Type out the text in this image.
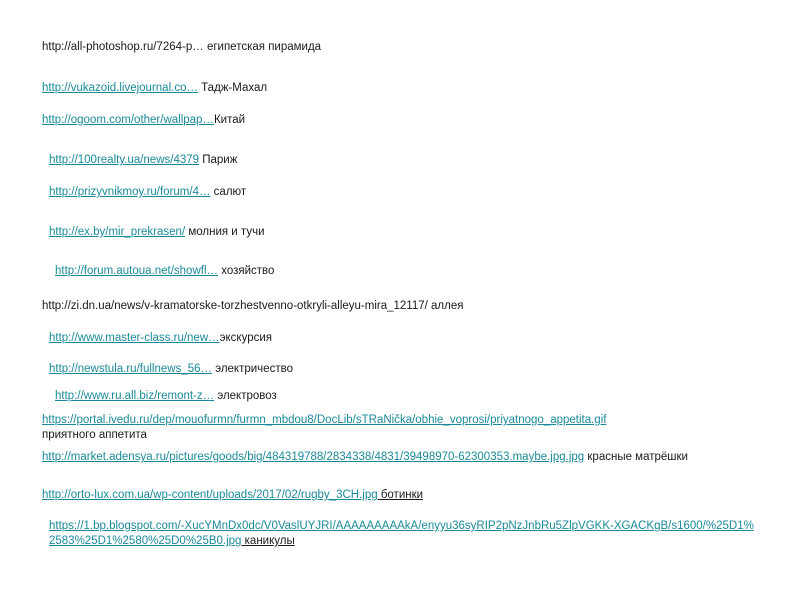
http://all-photoshop.ru/7264-p… египетская пирамида
http://vukazoid.livejournal.co… Тадж-Махал
http://ogoom.com/other/wallpap…Китай
http://100realty.ua/news/4379 Париж
http://prizyvnikmoy.ru/forum/4… салют
http://ex.by/mir_prekrasen/ молния и тучи
http://forum.autoua.net/showfl… хозяйство
http://zi.dn.ua/news/v-kramatorske-torzhestvenno-otkryli-alleyu-mira_12117/ аллея
http://www.master-class.ru/new…экскурсия
http://newstula.ru/fullnews_56… электричество
http://www.ru.all.biz/remont-z… электровоз
https://portal.ivedu.ru/dep/mouofurmn/furmn_mbdou8/DocLib/sTRaNička/obhie_voprosi/priyatnogo_appetita.gif
приятного аппетита
http://market.adensya.ru/pictures/goods/big/484319788/2834338/4831/39498970-62300353.maybe.jpg.jpg красные матрёшки
http://orto-lux.com.ua/wp-content/uploads/2017/02/rugby_3CH.jpg ботинки
https://1.bp.blogspot.com/-XucYMnDx0dc/V0VaslUYJRI/AAAAAAAAAkA/enyyu36syRIP2pNzJnbRu5ZlpVGKK-XGACKgB/s1600/%25D1%2583%25D1%2580%25D0%25B0.jpg каникулы
